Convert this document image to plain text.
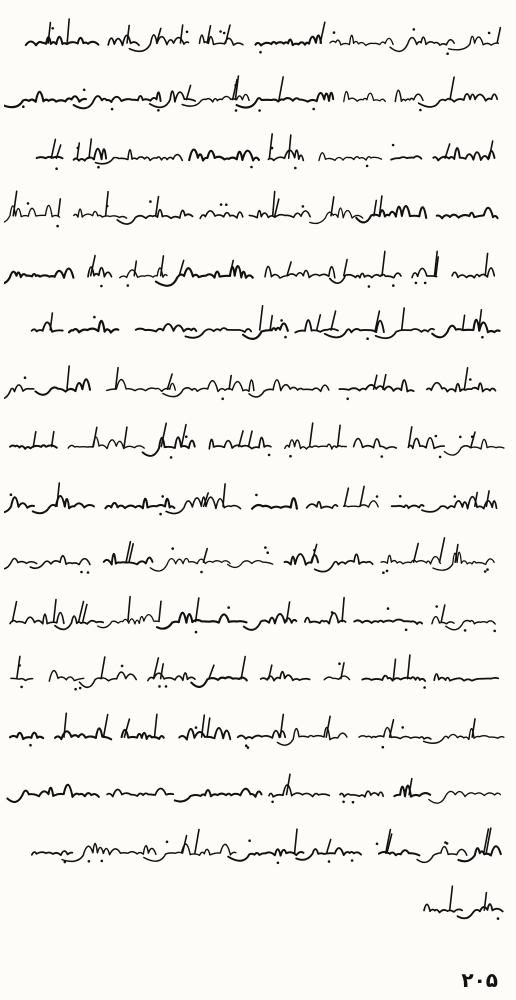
۲۰۵
